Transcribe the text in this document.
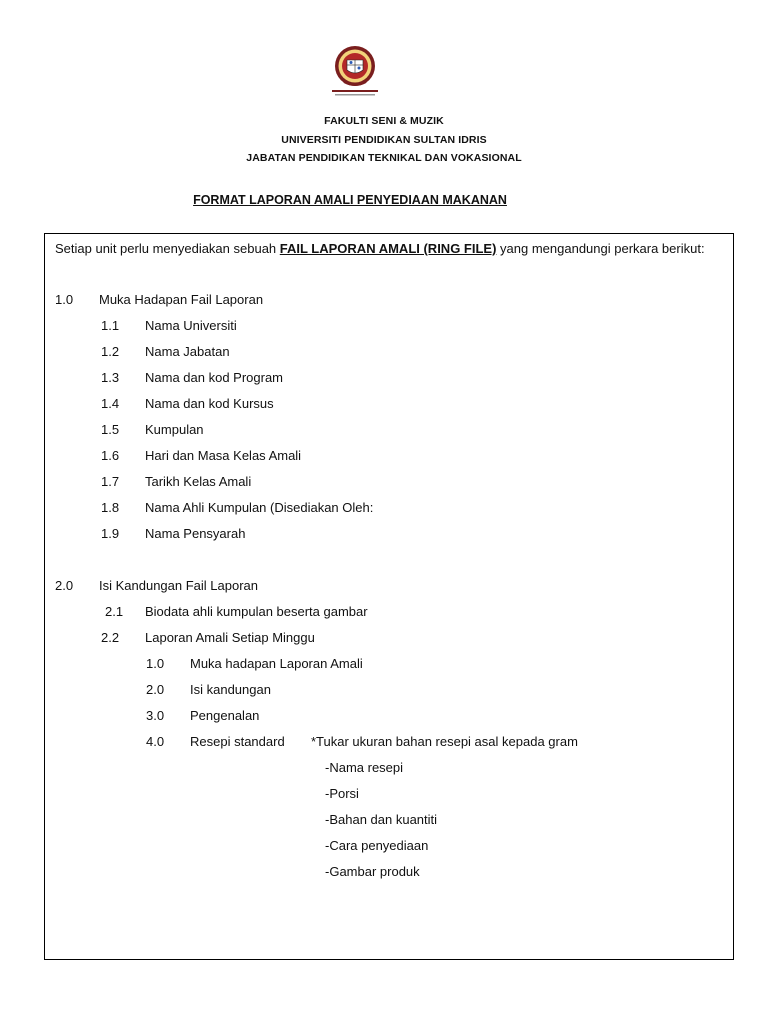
FAKULTI SENI & MUZIK
UNIVERSITI PENDIDIKAN SULTAN IDRIS
JABATAN PENDIDIKAN TEKNIKAL DAN VOKASIONAL
FORMAT LAPORAN AMALI PENYEDIAAN MAKANAN
Setiap unit perlu menyediakan sebuah FAIL LAPORAN AMALI (RING FILE) yang mengandungi perkara berikut:
1.0 Muka Hadapan Fail Laporan
1.1 Nama Universiti
1.2 Nama Jabatan
1.3 Nama dan kod Program
1.4 Nama dan kod Kursus
1.5 Kumpulan
1.6 Hari dan Masa Kelas Amali
1.7 Tarikh Kelas Amali
1.8 Nama Ahli Kumpulan (Disediakan Oleh:
1.9 Nama Pensyarah
2.0 Isi Kandungan Fail Laporan
2.1 Biodata ahli kumpulan beserta gambar
2.2 Laporan Amali Setiap Minggu
1.0 Muka hadapan Laporan Amali
2.0 Isi kandungan
3.0 Pengenalan
4.0 Resepi standard *Tukar ukuran bahan resepi asal kepada gram
-Nama resepi
-Porsi
-Bahan dan kuantiti
-Cara penyediaan
-Gambar produk
